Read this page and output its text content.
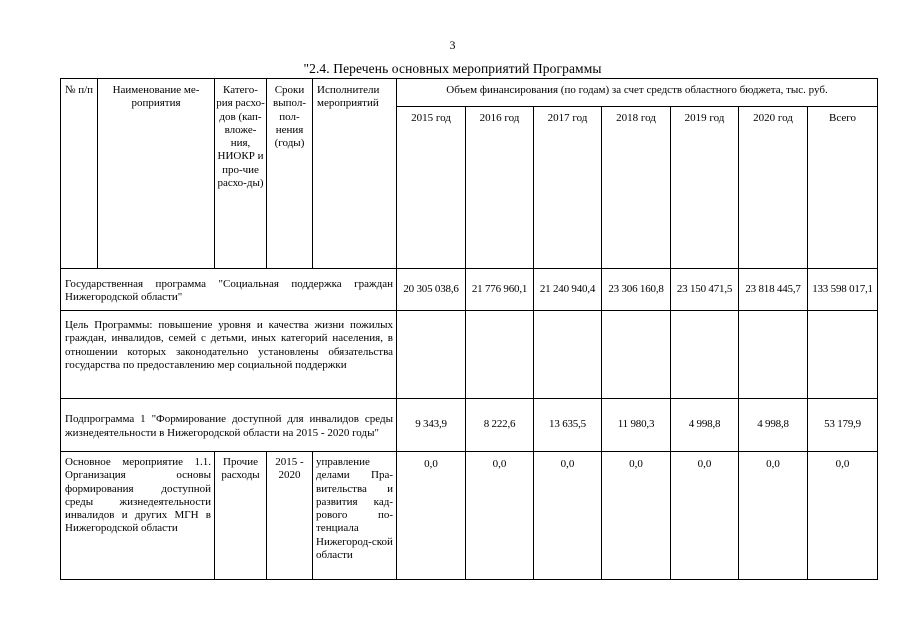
3
"2.4. Перечень основных мероприятий Программы
№ п/п	Наименование ме-роприятия	Катего-рия расхо-дов (кап-вложе-ния, НИОКР и про-чие расхо-ды)	Сроки выпол-пол-нения (годы)	Исполнители мероприятий	Объем финансирования (по годам) за счет средств областного бюджета, тыс. руб.						
					2015 год	2016 год	2017 год	2018 год	2019 год	2020 год	Всего
Государственная программа "Социальная поддержка граждан Нижегородской области"					20 305 038,6	21 776 960,1	21 240 940,4	23 306 160,8	23 150 471,5	23 818 445,7	133 598 017,1
Цель Программы: повышение уровня и качества жизни пожилых граждан, инвалидов, семей с детьми, иных категорий населения, в отношении которых законодательно установлены обязательства государства по предоставлению мер социальной поддержки											
Подпрограмма 1 "Формирование доступной для инвалидов среды жизнедеятельности в Нижегородской области на 2015 - 2020 годы"					9 343,9	8 222,6	13 635,5	11 980,3	4 998,8	4 998,8	53 179,9
Основное мероприятие 1.1. Организация основы формирования доступной среды жизнедеятельности инвалидов и других МГН в Нижегородской области		Прочие расходы	2015 - 2020	управление делами Пра-вительства и развития кад-рового по-тенциала Нижегород-ской области	0,0	0,0	0,0	0,0	0,0	0,0	0,0
